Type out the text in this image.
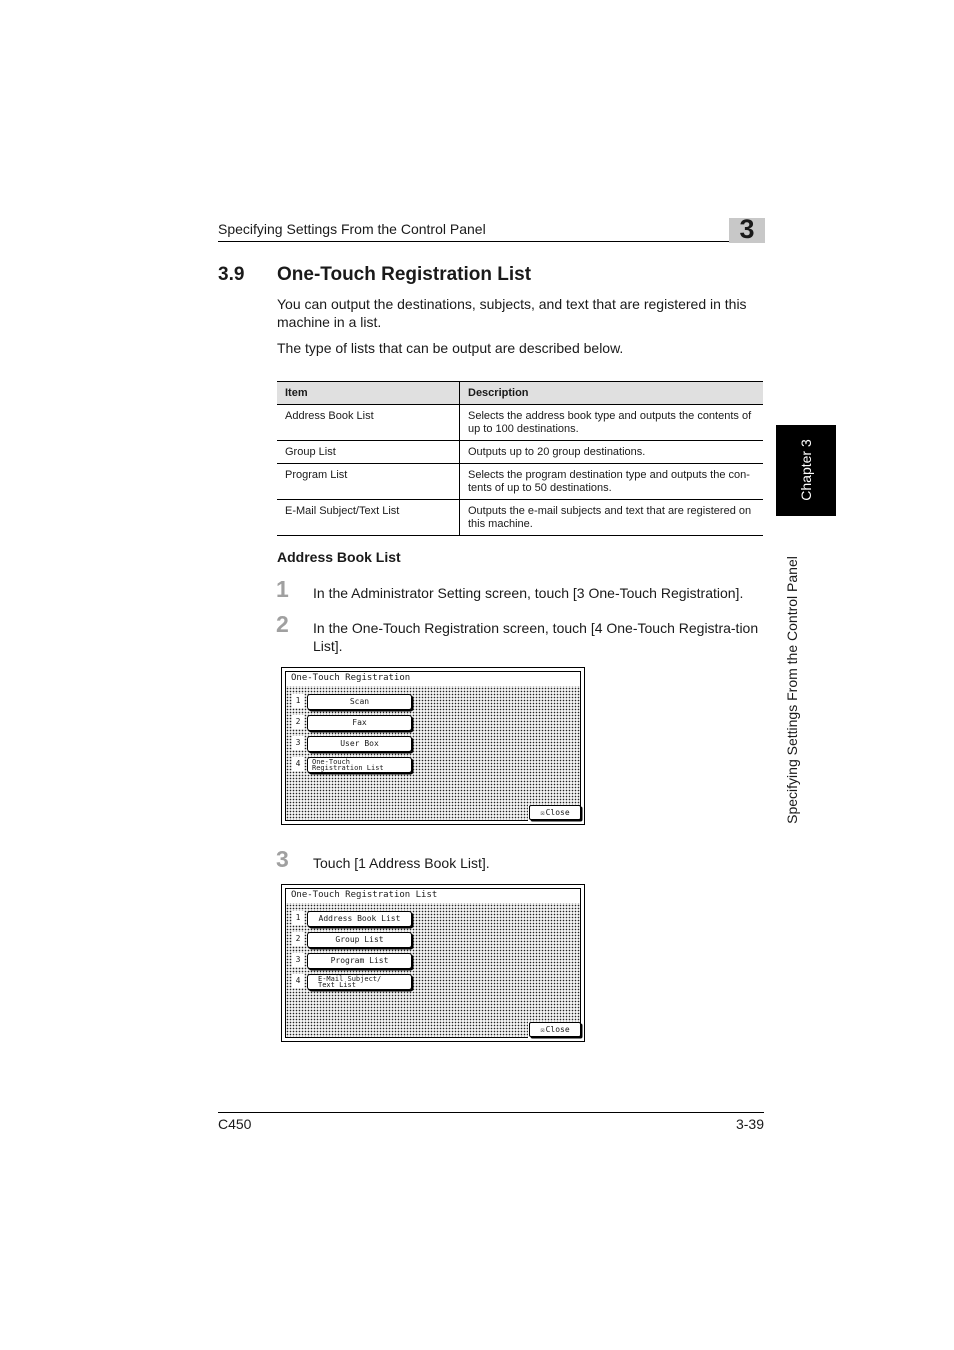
Specifying Settings From the Control Panel	3
3.9 One-Touch Registration List
You can output the destinations, subjects, and text that are registered in this machine in a list.
The type of lists that can be output are described below.
Item	Description
Address Book List	Selects the address book type and outputs the contents of up to 100 destinations.
Group List	Outputs up to 20 group destinations.
Program List	Selects the program destination type and outputs the con-tents of up to 50 destinations.
E-Mail Subject/Text List	Outputs the e-mail subjects and text that are registered on this machine.
Address Book List
1 In the Administrator Setting screen, touch [3 One-Touch Registration].
2 In the One-Touch Registration screen, touch [4 One-Touch Registra-tion List].
One-Touch Registration
1	Scan
2	Fax
3	User Box
4	One-Touch
Registration List
☒Close
3 Touch [1 Address Book List].
One-Touch Registration List
1	Address Book List
2	Group List
3	Program List
4	E-Mail Subject/
Text List
☒Close
C450	3-39
Chapter 3
Specifying Settings From the Control Panel
